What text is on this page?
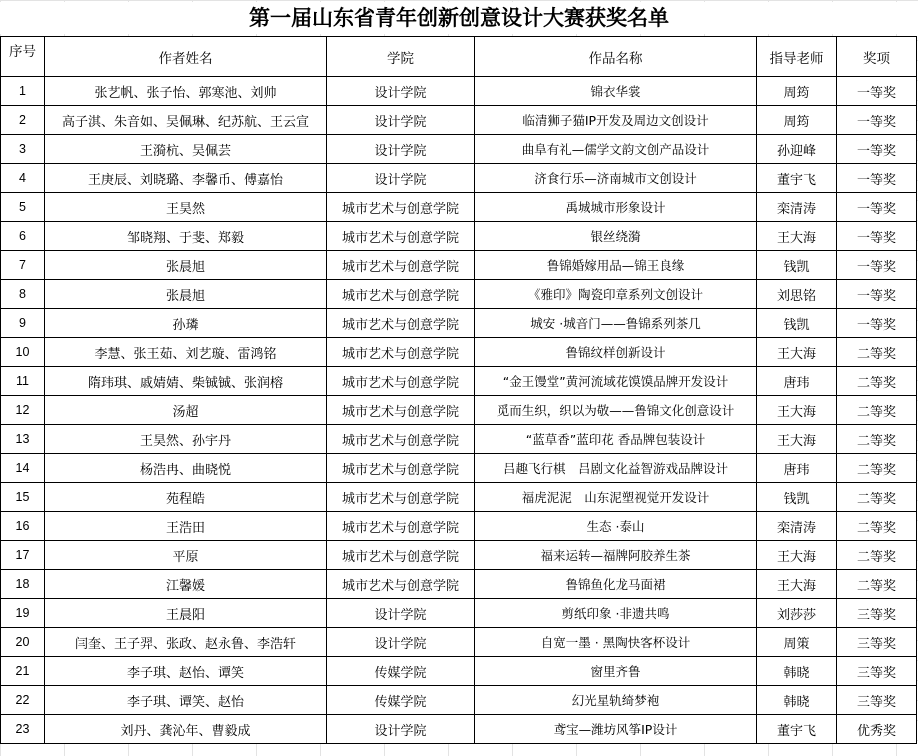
第一届山东省青年创新创意设计大赛获奖名单
序号	作者姓名	学院	作品名称	指导老师	奖项
1	张艺帆、张子怡、郭寒池、刘帅	设计学院	锦衣华裳	周筠	一等奖
2	高子淇、朱音如、吴佩琳、纪苏航、王云宣	设计学院	临清狮子猫IP开发及周边文创设计	周筠	一等奖
3	王漪杭、吴佩芸	设计学院	曲阜有礼—儒学文韵文创产品设计	孙迎峰	一等奖
4	王庚辰、刘晓璐、李馨币、傅嘉怡	设计学院	济食行乐—济南城市文创设计	董宇飞	一等奖
5	王昊然	城市艺术与创意学院	禹城城市形象设计	栾清涛	一等奖
6	邹晓翔、于斐、郑毅	城市艺术与创意学院	银丝绕漪	王大海	一等奖
7	张晨旭	城市艺术与创意学院	鲁锦婚嫁用品—锦王良缘	钱凯	一等奖
8	张晨旭	城市艺术与创意学院	《雅印》陶瓷印章系列文创设计	刘思铭	一等奖
9	孙璘	城市艺术与创意学院	城安 ·城音门——鲁锦系列茶几	钱凯	一等奖
10	李慧、张王茹、刘艺璇、雷鸿铭	城市艺术与创意学院	鲁锦纹样创新设计	王大海	二等奖
11	隋玮琪、戚婧婧、柴铖铖、张润榕	城市艺术与创意学院	“金王馒堂”黄河流域花馍馍品牌开发设计	唐玮	二等奖
12	汤超	城市艺术与创意学院	觅而生织，织以为敬——鲁锦文化创意设计	王大海	二等奖
13	王昊然、孙宇丹	城市艺术与创意学院	“蓝草香”蓝印花 香品牌包装设计	王大海	二等奖
14	杨浩冉、曲晓悦	城市艺术与创意学院	吕趣飞行棋　吕剧文化益智游戏品牌设计	唐玮	二等奖
15	苑程皓	城市艺术与创意学院	福虎泥泥　山东泥塑视觉开发设计	钱凯	二等奖
16	王浩田	城市艺术与创意学院	生态 ·泰山	栾清涛	二等奖
17	平原	城市艺术与创意学院	福来运转—福牌阿胶养生茶	王大海	二等奖
18	江馨媛	城市艺术与创意学院	鲁锦鱼化龙马面裙	王大海	二等奖
19	王晨阳	设计学院	剪纸印象 ·非遗共鸣	刘莎莎	三等奖
20	闫奎、王子羿、张政、赵永鲁、李浩轩	设计学院	自宽一墨 · 黑陶快客杯设计	周策	三等奖
21	李子琪、赵怡、谭笑	传媒学院	窗里齐鲁	韩晓	三等奖
22	李子琪、谭笑、赵怡	传媒学院	幻光星轨绮梦袍	韩晓	三等奖
23	刘丹、龚沁年、曹毅成	设计学院	鸢宝—潍坊风筝IP设计	董宇飞	优秀奖
